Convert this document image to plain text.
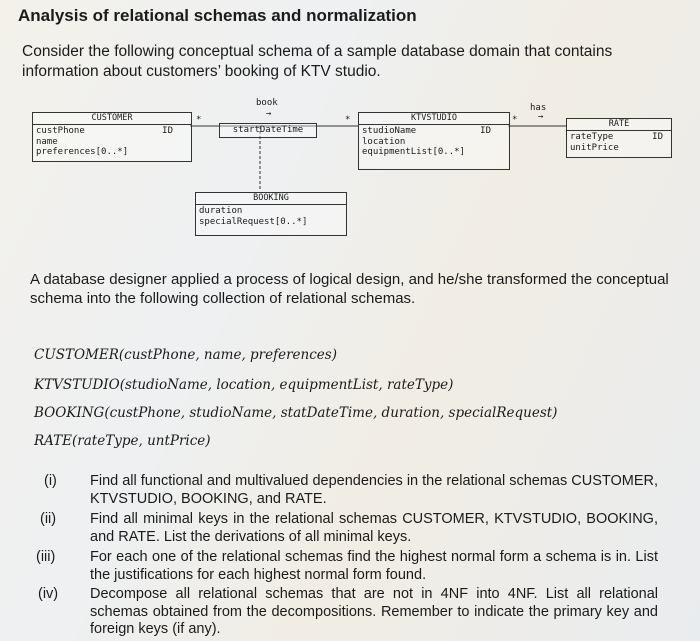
Analysis of relational schemas and normalization
Consider the following conceptual schema of a sample database domain that contains information about customers’ booking of KTV studio.
book
→
*	*
has
→
*
CUSTOMER
ID
custPhone
name
preferences[0..*]
startDateTime
KTVSTUDIO
ID
studioName
location
equipmentList[0..*]
RATE
ID
rateType
unitPrice
BOOKING
duration
specialRequest[0..*]
A database designer applied a process of logical design, and he/she transformed the conceptual schema into the following collection of relational schemas.
CUSTOMER(custPhone, name, preferences)
KTVSTUDIO(studioName, location, equipmentList, rateType)
BOOKING(custPhone, studioName, statDateTime, duration, specialRequest)
RATE(rateType, untPrice)
(i) Find all functional and multivalued dependencies in the relational schemas CUSTOMER, KTVSTUDIO, BOOKING, and RATE.
(ii) Find all minimal keys in the relational schemas CUSTOMER, KTVSTUDIO, BOOKING, and RATE. List the derivations of all minimal keys.
(iii) For each one of the relational schemas find the highest normal form a schema is in. List the justifications for each highest normal form found.
(iv) Decompose all relational schemas that are not in 4NF into 4NF. List all relational schemas obtained from the decompositions. Remember to indicate the primary key and foreign keys (if any).
